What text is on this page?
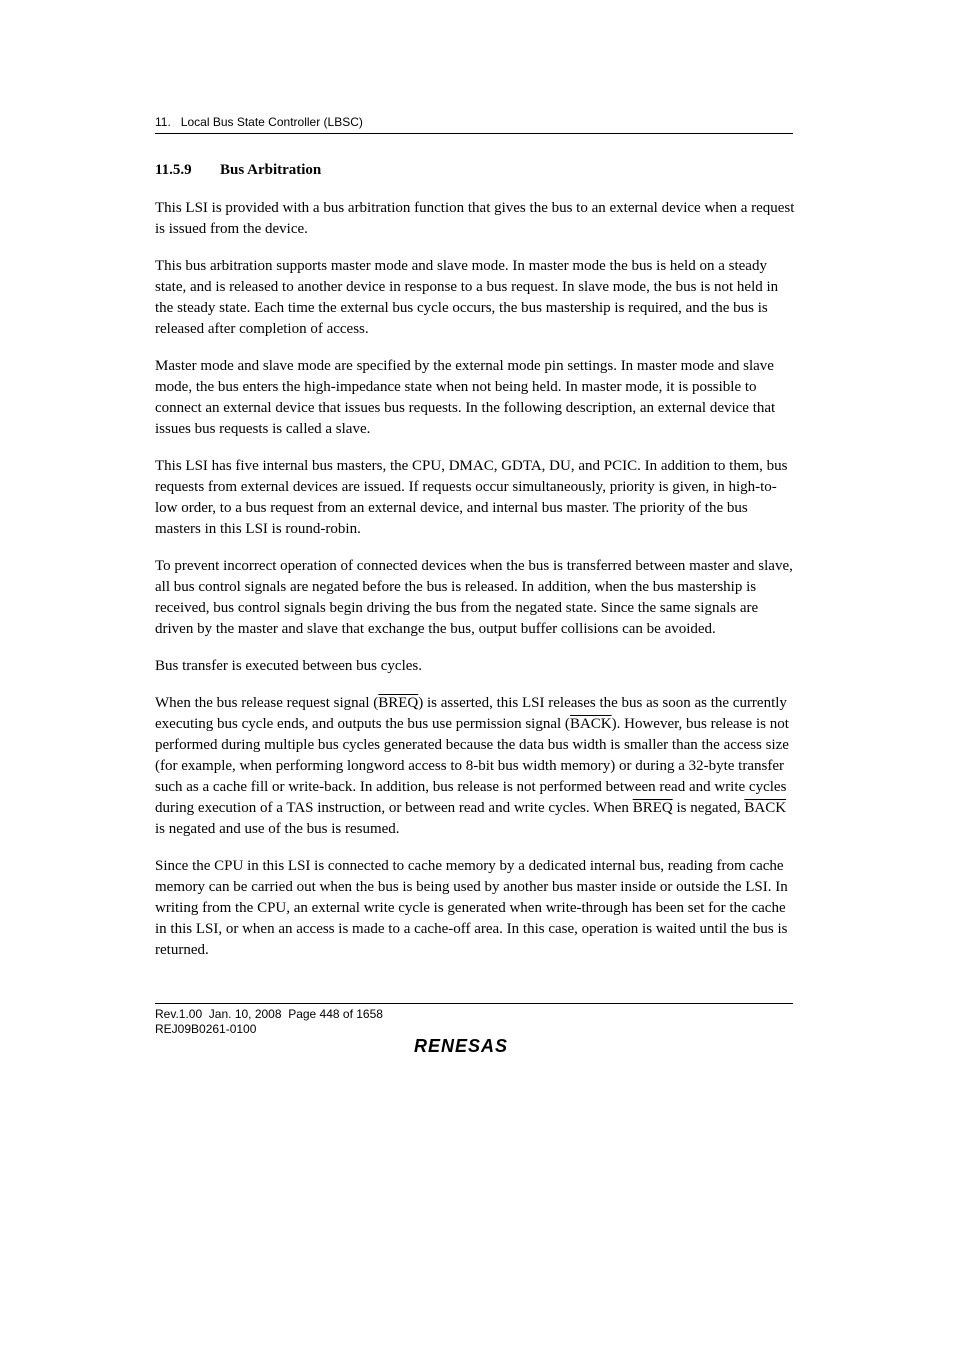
11.   Local Bus State Controller (LBSC)
11.5.9 Bus Arbitration

This LSI is provided with a bus arbitration function that gives the bus to an external device when a request is issued from the device.

This bus arbitration supports master mode and slave mode. In master mode the bus is held on a steady state, and is released to another device in response to a bus request. In slave mode, the bus is not held in the steady state. Each time the external bus cycle occurs, the bus mastership is required, and the bus is released after completion of access.

Master mode and slave mode are specified by the external mode pin settings. In master mode and slave mode, the bus enters the high-impedance state when not being held. In master mode, it is possible to connect an external device that issues bus requests. In the following description, an external device that issues bus requests is called a slave.

This LSI has five internal bus masters, the CPU, DMAC, GDTA, DU, and PCIC. In addition to them, bus requests from external devices are issued. If requests occur simultaneously, priority is given, in high-to-low order, to a bus request from an external device, and internal bus master. The priority of the bus masters in this LSI is round-robin.

To prevent incorrect operation of connected devices when the bus is transferred between master and slave, all bus control signals are negated before the bus is released. In addition, when the bus mastership is received, bus control signals begin driving the bus from the negated state. Since the same signals are driven by the master and slave that exchange the bus, output buffer collisions can be avoided.

Bus transfer is executed between bus cycles.

When the bus release request signal (BREQ) is asserted, this LSI releases the bus as soon as the currently executing bus cycle ends, and outputs the bus use permission signal (BACK). However, bus release is not performed during multiple bus cycles generated because the data bus width is smaller than the access size (for example, when performing longword access to 8-bit bus width memory) or during a 32-byte transfer such as a cache fill or write-back. In addition, bus release is not performed between read and write cycles during execution of a TAS instruction, or between read and write cycles. When BREQ is negated, BACK is negated and use of the bus is resumed.

Since the CPU in this LSI is connected to cache memory by a dedicated internal bus, reading from cache memory can be carried out when the bus is being used by another bus master inside or outside the LSI. In writing from the CPU, an external write cycle is generated when write-through has been set for the cache in this LSI, or when an access is made to a cache-off area. In this case, operation is waited until the bus is returned.

Rev.1.00  Jan. 10, 2008  Page 448 of 1658
REJ09B0261-0100
RENESAS
